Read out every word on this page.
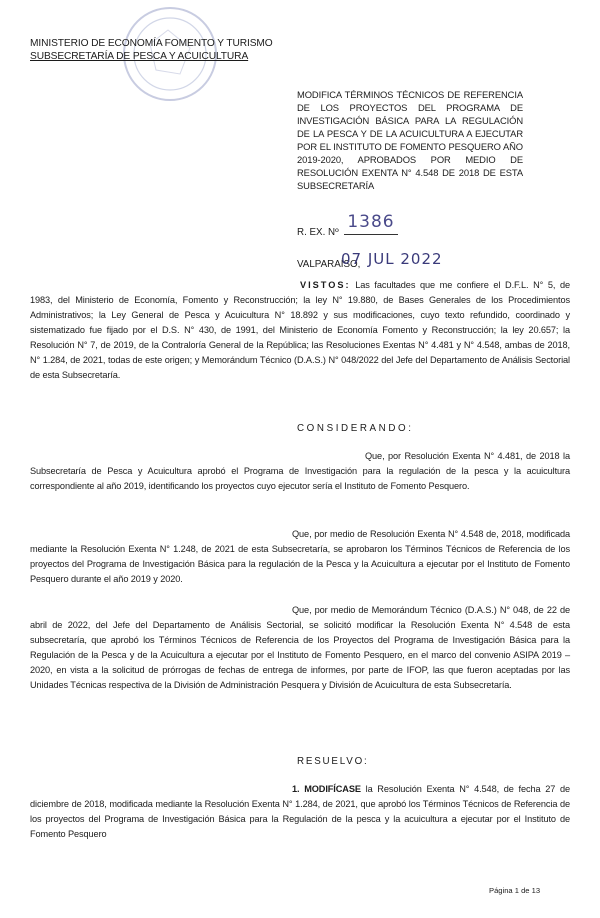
MINISTERIO DE ECONOMÍA FOMENTO Y TURISMO
SUBSECRETARÍA DE PESCA Y ACUICULTURA
MODIFICA TÉRMINOS TÉCNICOS DE REFERENCIA DE LOS PROYECTOS DEL PROGRAMA DE INVESTIGACIÓN BÁSICA PARA LA REGULACIÓN DE LA PESCA Y DE LA ACUICULTURA A EJECUTAR POR EL INSTITUTO DE FOMENTO PESQUERO AÑO 2019-2020, APROBADOS POR MEDIO DE RESOLUCIÓN EXENTA N° 4.548 DE 2018 DE ESTA SUBSECRETARÍA
R. EX. Nº
1386
VALPARAÍSO,
07 JUL 2022
VISTOS: Las facultades que me confiere el D.F.L. N° 5, de 1983, del Ministerio de Economía, Fomento y Reconstrucción; la ley N° 19.880, de Bases Generales de los Procedimientos Administrativos; la Ley General de Pesca y Acuicultura N° 18.892 y sus modificaciones, cuyo texto refundido, coordinado y sistematizado fue fijado por el D.S. N° 430, de 1991, del Ministerio de Economía Fomento y Reconstrucción; la ley 20.657; la Resolución N° 7, de 2019, de la Contraloría General de la República; las Resoluciones Exentas N° 4.481 y N° 4.548, ambas de 2018, N° 1.284, de 2021, todas de este origen; y Memorándum Técnico (D.A.S.) N° 048/2022 del Jefe del Departamento de Análisis Sectorial de esta Subsecretaría.
CONSIDERANDO:
Que, por Resolución Exenta N° 4.481, de 2018 la Subsecretaría de Pesca y Acuicultura aprobó el Programa de Investigación para la regulación de la pesca y la acuicultura correspondiente al año 2019, identificando los proyectos cuyo ejecutor sería el Instituto de Fomento Pesquero.
Que, por medio de Resolución Exenta N° 4.548 de, 2018, modificada mediante la Resolución Exenta N° 1.248, de 2021 de esta Subsecretaría, se aprobaron los Términos Técnicos de Referencia de los proyectos del Programa de Investigación Básica para la regulación de la Pesca y la Acuicultura a ejecutar por el Instituto de Fomento Pesquero durante el año 2019 y 2020.
Que, por medio de Memorándum Técnico (D.A.S.) N° 048, de 22 de abril de 2022, del Jefe del Departamento de Análisis Sectorial, se solicitó modificar la Resolución Exenta N° 4.548 de esta subsecretaría, que aprobó los Términos Técnicos de Referencia de los Proyectos del Programa de Investigación Básica para la Regulación de la Pesca y de la Acuicultura a ejecutar por el Instituto de Fomento Pesquero, en el marco del convenio ASIPA 2019 – 2020, en vista a la solicitud de prórrogas de fechas de entrega de informes, por parte de IFOP, las que fueron aceptadas por las Unidades Técnicas respectiva de la División de Administración Pesquera y División de Acuicultura de esta Subsecretaría.
RESUELVO:
1. MODIFÍCASE la Resolución Exenta N° 4.548, de fecha 27 de diciembre de 2018, modificada mediante la Resolución Exenta N° 1.284, de 2021, que aprobó los Términos Técnicos de Referencia de los proyectos del Programa de Investigación Básica para la Regulación de la pesca y la acuicultura a ejecutar por el Instituto de Fomento Pesquero
Página 1 de 13
